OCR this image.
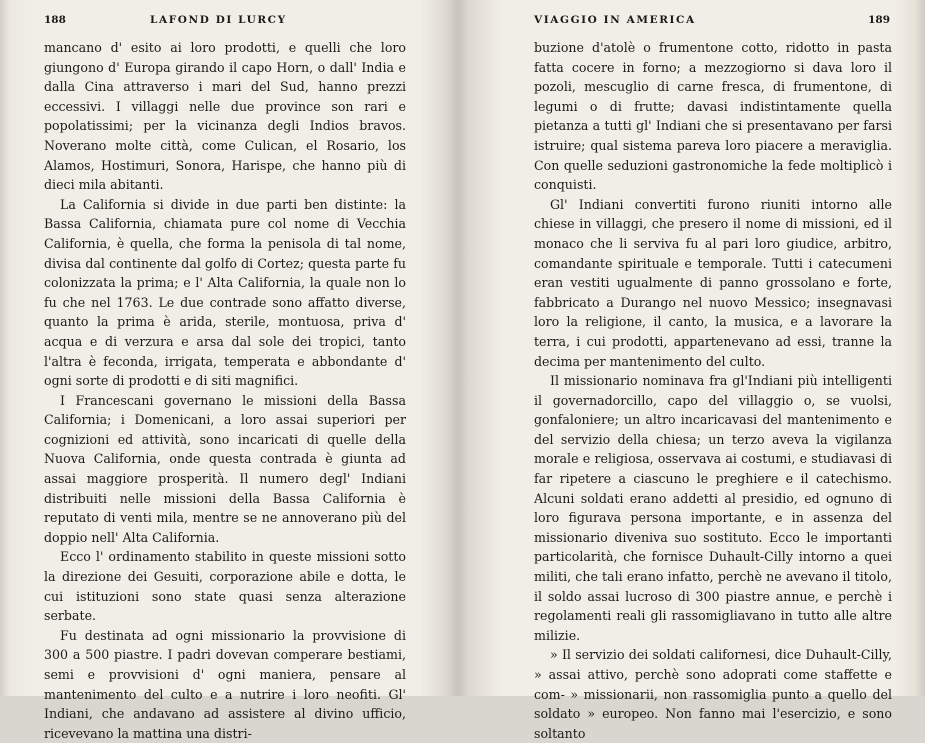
188	LAFOND DI LURCY

mancano d' esito ai loro prodotti, e quelli che loro giungono d' Europa girando il capo Horn, o dall' India e dalla Cina attraverso i mari del Sud, hanno prezzi eccessivi. I villaggi nelle due province son rari e popolatissimi; per la vicinanza degli Indios bravos. Noverano molte città, come Culican, el Rosario, los Alamos, Hostimuri, Sonora, Harispe, che hanno più di dieci mila abitanti.

La California si divide in due parti ben distinte: la Bassa California, chiamata pure col nome di Vecchia California, è quella, che forma la penisola di tal nome, divisa dal continente dal golfo di Cortez; questa parte fu colonizzata la prima; e l' Alta California, la quale non lo fu che nel 1763. Le due contrade sono affatto diverse, quanto la prima è arida, sterile, montuosa, priva d' acqua e di verzura e arsa dal sole dei tropici, tanto l'altra è feconda, irrigata, temperata e abbondante d' ogni sorte di prodotti e di siti magnifici.

I Francescani governano le missioni della Bassa California; i Domenicani, a loro assai superiori per cognizioni ed attività, sono incaricati di quelle della Nuova California, onde questa contrada è giunta ad assai maggiore prosperità. Il numero degl' Indiani distribuiti nelle missioni della Bassa California è reputato di venti mila, mentre se ne annoverano più del doppio nell' Alta California.

Ecco l' ordinamento stabilito in queste missioni sotto la direzione dei Gesuiti, corporazione abile e dotta, le cui istituzioni sono state quasi senza alterazione serbate.

Fu destinata ad ogni missionario la provvisione di 300 a 500 piastre. I padri dovevan comperare bestiami, semi e provvisioni d' ogni maniera, pensare al mantenimento del culto e a nutrire i loro neofiti. Gl' Indiani, che andavano ad assistere al divino ufficio, ricevevano la mattina una distri-

VIAGGIO IN AMERICA	189

buzione d'atolè o frumentone cotto, ridotto in pasta fatta cocere in forno; a mezzogiorno si dava loro il pozoli, mescuglio di carne fresca, di frumentone, di legumi o di frutte; davasi indistintamente quella pietanza a tutti gl' Indiani che si presentavano per farsi istruire; qual sistema pareva loro piacere a meraviglia. Con quelle seduzioni gastronomiche la fede moltiplicò i conquisti.

Gl' Indiani convertiti furono riuniti intorno alle chiese in villaggi, che presero il nome di missioni, ed il monaco che li serviva fu al pari loro giudice, arbitro, comandante spirituale e temporale. Tutti i catecumeni eran vestiti ugualmente di panno grossolano e forte, fabbricato a Durango nel nuovo Messico; insegnavasi loro la religione, il canto, la musica, e a lavorare la terra, i cui prodotti, appartenevano ad essi, tranne la decima per mantenimento del culto.

Il missionario nominava fra gl'Indiani più intelligenti il governadorcillo, capo del villaggio o, se vuolsi, gonfaloniere; un altro incaricavasi del mantenimento e del servizio della chiesa; un terzo aveva la vigilanza morale e religiosa, osservava ai costumi, e studiavasi di far ripetere a ciascuno le preghiere e il catechismo. Alcuni soldati erano addetti al presidio, ed ognuno di loro figurava persona importante, e in assenza del missionario diveniva suo sostituto. Ecco le importanti particolarità, che fornisce Duhault-Cilly intorno a quei militi, che tali erano infatto, perchè ne avevano il titolo, il soldo assai lucroso di 300 piastre annue, e perchè i regolamenti reali gli rassomigliavano in tutto alle altre milizie.

» Il servizio dei soldati californesi, dice Duhault-Cilly, » assai attivo, perchè sono adoprati come staffette e com- » missionarii, non rassomiglia punto a quello del soldato » europeo. Non fanno mai l'esercizio, e sono soltanto
